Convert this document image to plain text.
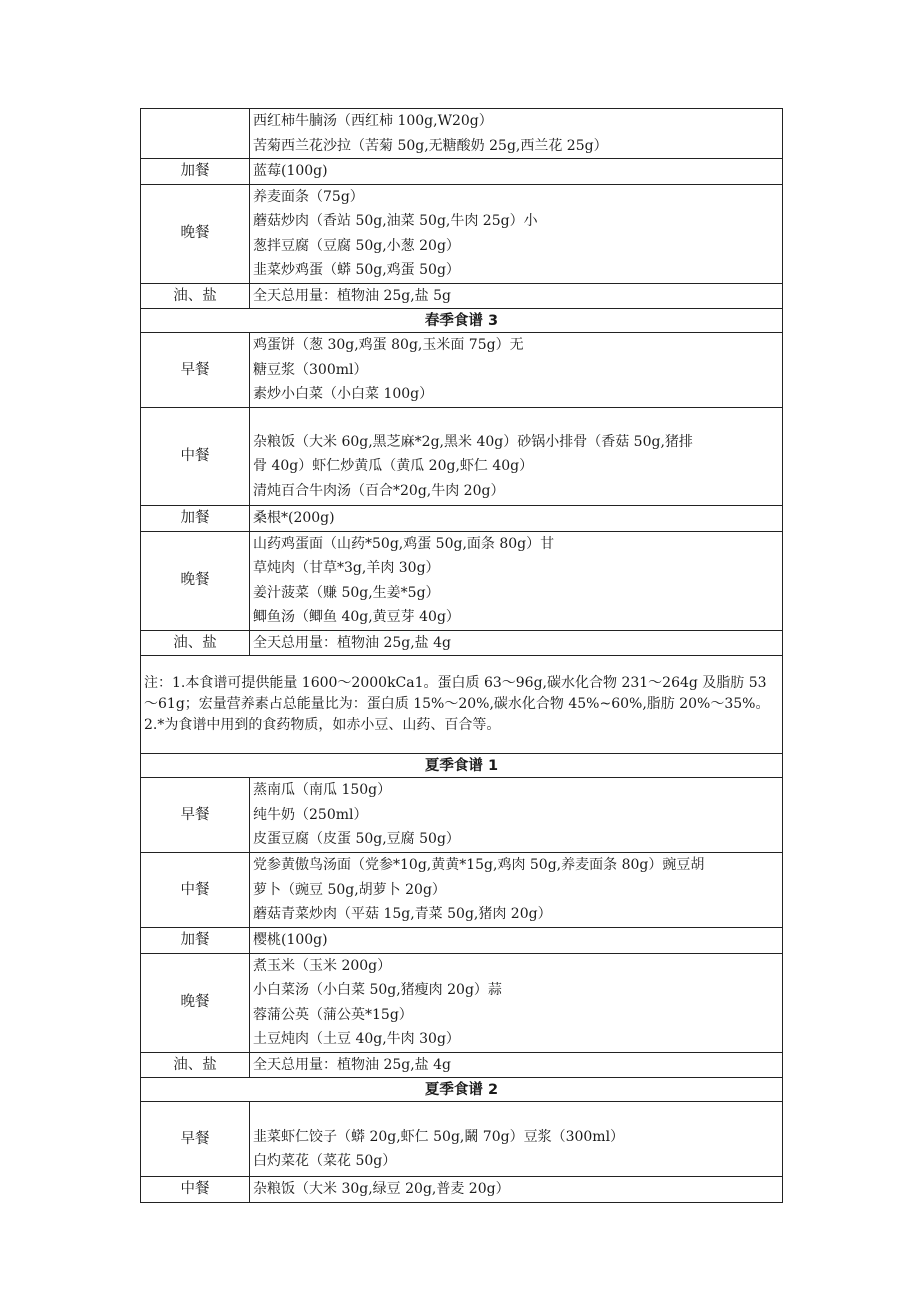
	西红柿牛腩汤（西红柿 100g,W20g）
苦菊西兰花沙拉（苦菊 50g,无糖酸奶 25g,西兰花 25g）

加餐	蓝莓(100g)

晚餐	养麦面条（75g）
蘑菇炒肉（香站 50g,油菜 50g,牛肉 25g）小
葱拌豆腐（豆腐 50g,小葱 20g）
韭菜炒鸡蛋（蟒 50g,鸡蛋 50g）

油、盐	全天总用量：植物油 25g,盐 5g

春季食谱 3	
早餐	鸡蛋饼（葱 30g,鸡蛋 80g,玉米面 75g）无
糖豆浆（300ml）
素炒小白菜（小白菜 100g）

中餐	杂粮饭（大米 60g,黑芝麻*2g,黑米 40g）砂锅小排骨（香菇 50g,猪排
骨 40g）虾仁炒黄瓜（黄瓜 20g,虾仁 40g）
清炖百合牛肉汤（百合*20g,牛肉 20g）

加餐	桑根*(200g)

晚餐	山药鸡蛋面（山药*50g,鸡蛋 50g,面条 80g）甘
草炖肉（甘草*3g,羊肉 30g）
姜汁菠菜（赚 50g,生姜*5g）
鲫鱼汤（鲫鱼 40g,黄豆芽 40g）

油、盐	全天总用量：植物油 25g,盐 4g

注：1.本食谱可提供能量 1600～2000kCa1。蛋白质 63～96g,碳水化合物 231～264g 及脂肪 53～61g；宏量营养素占总能量比为：蛋白质 15%～20%,碳水化合物 45%~60%,脂肪 20%～35%。
2.*为食谱中用到的食药物质，如赤小豆、山药、百合等。	

夏季食谱 1	
早餐	蒸南瓜（南瓜 150g）
纯牛奶（250ml）
皮蛋豆腐（皮蛋 50g,豆腐 50g）

中餐	党参黄傲鸟汤面（党参*10g,黄黄*15g,鸡肉 50g,养麦面条 80g）豌豆胡
萝卜（豌豆 50g,胡萝卜 20g）
蘑菇青菜炒肉（平菇 15g,青菜 50g,猪肉 20g）

加餐	樱桃(100g)

晚餐	煮玉米（玉米 200g）
小白菜汤（小白菜 50g,猪瘦肉 20g）蒜
蓉蒲公英（蒲公英*15g）
土豆炖肉（土豆 40g,牛肉 30g）

油、盐	全天总用量：植物油 25g,盐 4g

夏季食谱 2	
早餐	韭菜虾仁饺子（蟒 20g,虾仁 50g,鬫 70g）豆浆（300ml）
白灼菜花（菜花 50g）

中餐	杂粮饭（大米 30g,绿豆 20g,普麦 20g）
